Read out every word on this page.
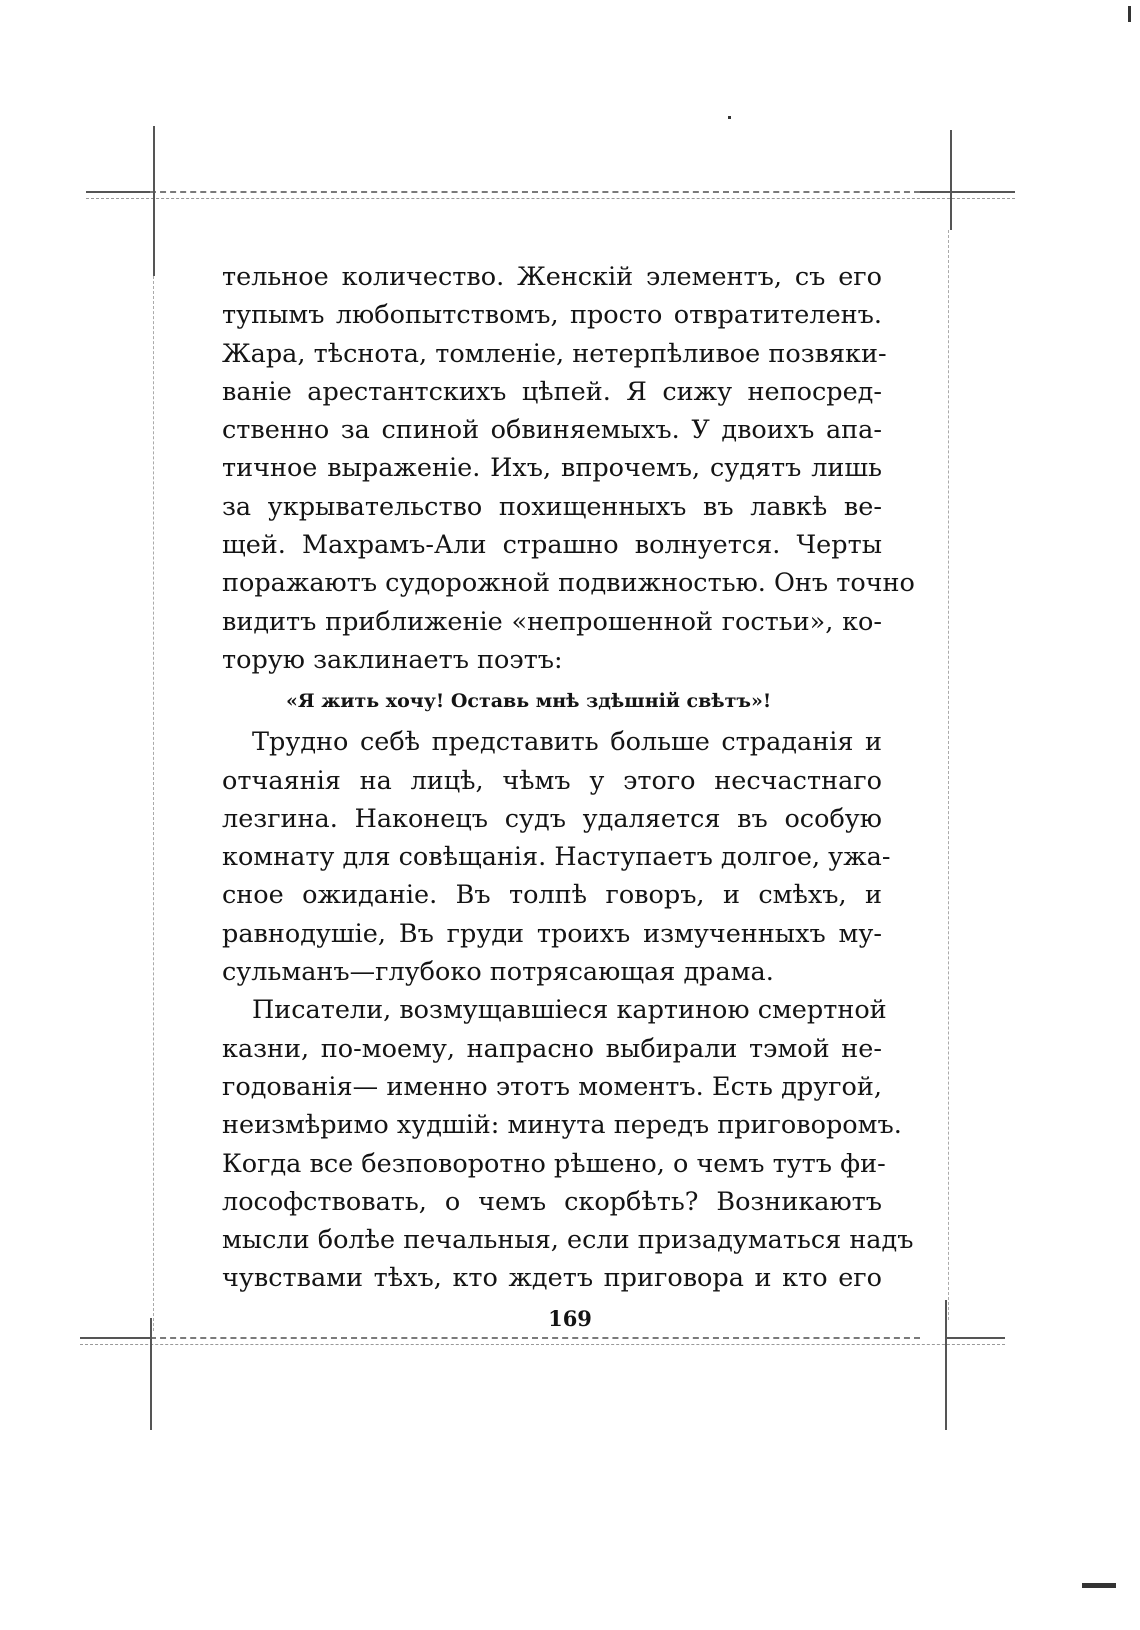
тельное количество. Женскій элементъ, съ его
тупымъ любопытствомъ, просто отвратителенъ.
Жара, тѣснота, томленіе, нетерпѣливое позвяки-
ваніе арестантскихъ цѣпей. Я сижу непосред-
ственно за спиной обвиняемыхъ. У двоихъ апа-
тичное выраженіе. Ихъ, впрочемъ, судятъ лишь
за укрывательство похищенныхъ въ лавкѣ ве-
щей. Махрамъ-Али страшно волнуется. Черты
поражаютъ судорожной подвижностью. Онъ точно
видитъ приближеніе «непрошенной гостьи», ко-
торую заклинаетъ поэтъ:
«Я жить хочу! Оставь мнѣ здѣшній свѣтъ»!
Трудно себѣ представить больше страданія и
отчаянія на лицѣ, чѣмъ у этого несчастнаго
лезгина. Наконецъ судъ удаляется въ особую
комнату для совѣщанія. Наступаетъ долгое, ужа-
сное ожиданіе. Въ толпѣ говоръ, и смѣхъ, и
равнодушіе, Въ груди троихъ измученныхъ му-
сульманъ—глубоко потрясающая драма.
Писатели, возмущавшіеся картиною смертной
казни, по-моему, напрасно выбирали тэмой не-
годованія— именно этотъ моментъ. Есть другой,
неизмѣримо худшій: минута передъ приговоромъ.
Когда все безповоротно рѣшено, о чемъ тутъ фи-
лософствовать, о чемъ скорбѣть? Возникаютъ
мысли болѣе печальныя, если призадуматься надъ
чувствами тѣхъ, кто ждетъ приговора и кто его
169
